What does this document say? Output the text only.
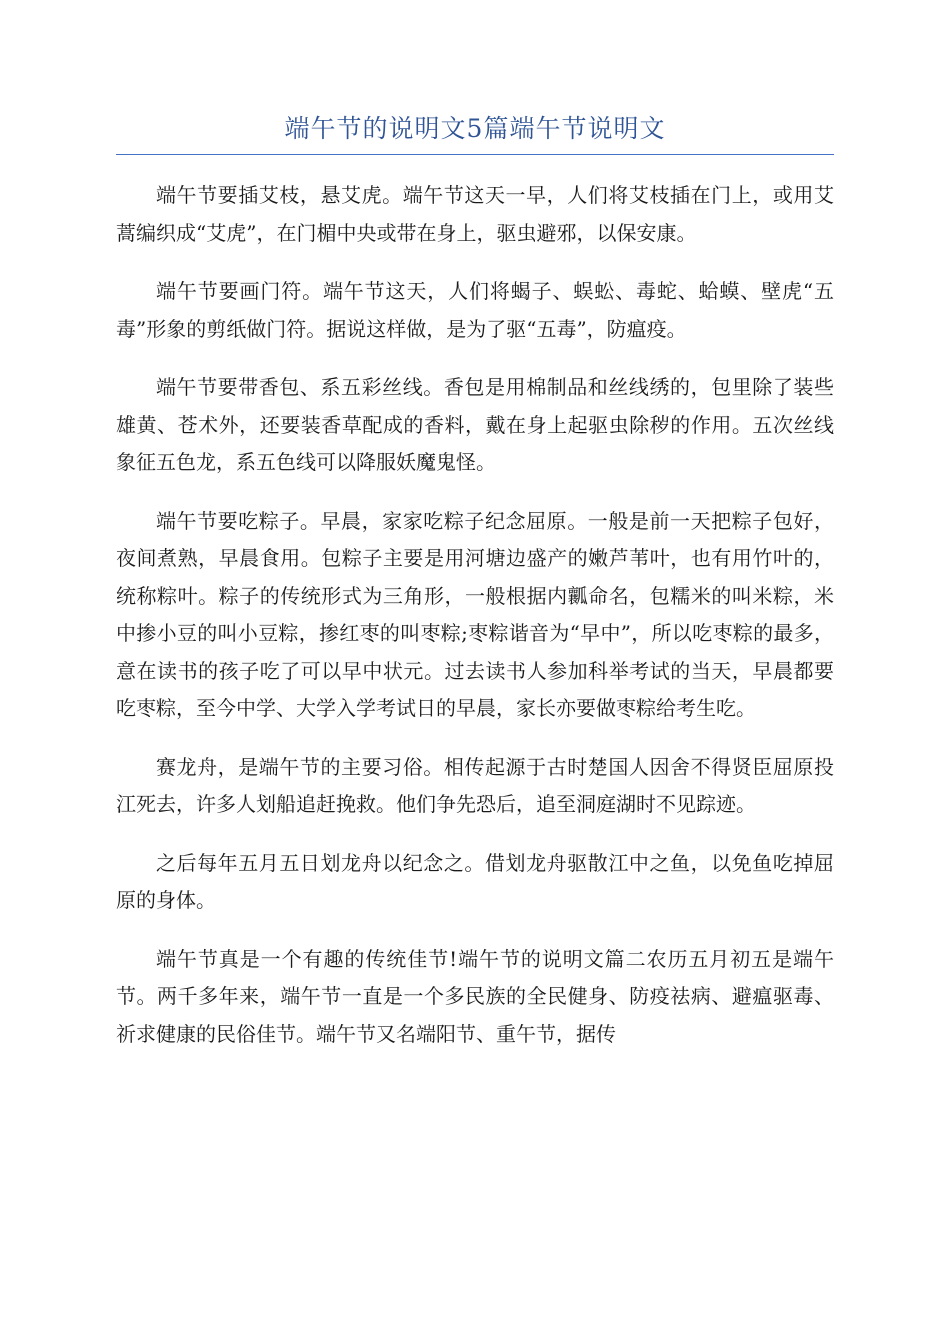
端午节的说明文5篇端午节说明文

端午节要插艾枝，悬艾虎。端午节这天一早，人们将艾枝插在门上，或用艾蒿编织成“艾虎”，在门楣中央或带在身上，驱虫避邪，以保安康。

端午节要画门符。端午节这天，人们将蝎子、蜈蚣、毒蛇、蛤蟆、壁虎“五毒”形象的剪纸做门符。据说这样做，是为了驱“五毒”，防瘟疫。

端午节要带香包、系五彩丝线。香包是用棉制品和丝线绣的，包里除了装些雄黄、苍术外，还要装香草配成的香料，戴在身上起驱虫除秽的作用。五次丝线象征五色龙，系五色线可以降服妖魔鬼怪。

端午节要吃粽子。早晨，家家吃粽子纪念屈原。一般是前一天把粽子包好，夜间煮熟，早晨食用。包粽子主要是用河塘边盛产的嫩芦苇叶，也有用竹叶的，统称粽叶。粽子的传统形式为三角形，一般根据内瓤命名，包糯米的叫米粽，米中掺小豆的叫小豆粽，掺红枣的叫枣粽;枣粽谐音为“早中”，所以吃枣粽的最多，意在读书的孩子吃了可以早中状元。过去读书人参加科举考试的当天，早晨都要吃枣粽，至今中学、大学入学考试日的早晨，家长亦要做枣粽给考生吃。

赛龙舟，是端午节的主要习俗。相传起源于古时楚国人因舍不得贤臣屈原投江死去，许多人划船追赶挽救。他们争先恐后，追至洞庭湖时不见踪迹。

之后每年五月五日划龙舟以纪念之。借划龙舟驱散江中之鱼，以免鱼吃掉屈原的身体。

端午节真是一个有趣的传统佳节!端午节的说明文篇二农历五月初五是端午节。两千多年来，端午节一直是一个多民族的全民健身、防疫祛病、避瘟驱毒、祈求健康的民俗佳节。端午节又名端阳节、重午节，据传
